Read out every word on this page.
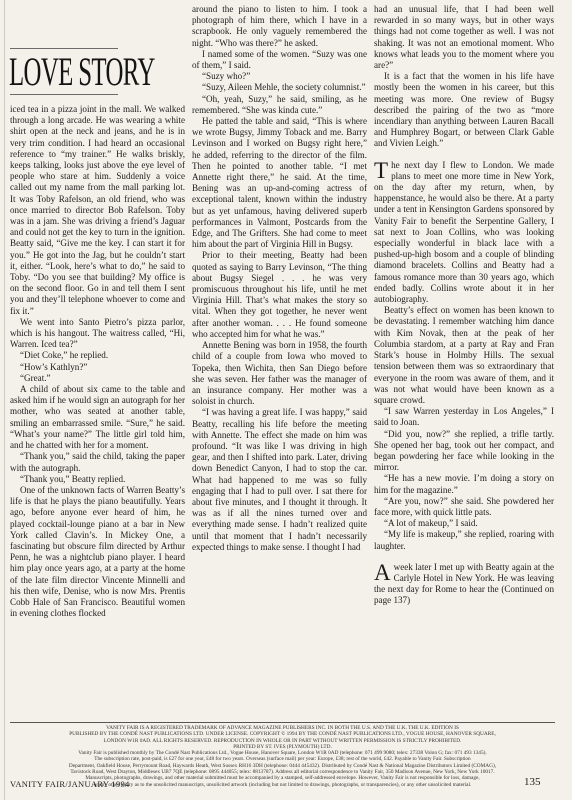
LOVE STORY

iced tea in a pizza joint in the mall. We walked through a long arcade. He was wearing a white shirt open at the neck and jeans, and he is in very trim condition. I had heard an occasional reference to “my trainer.” He walks briskly, keeps talking, looks just above the eye level of people who stare at him. Suddenly a voice called out my name from the mall parking lot. It was Toby Rafelson, an old friend, who was once married to director Bob Rafelson. Toby was in a jam. She was driving a friend’s Jaguar and could not get the key to turn in the ignition. Beatty said, “Give me the key. I can start it for you.” He got into the Jag, but he couldn’t start it, either. “Look, here’s what to do,” he said to Toby. “Do you see that building? My office is on the second floor. Go in and tell them I sent you and they’ll telephone whoever to come and fix it.”

We went into Santo Pietro’s pizza parlor, which is his hangout. The waitress called, “Hi, Warren. Iced tea?”

“Diet Coke,” he replied.

“How’s Kathlyn?”

“Great.”

A child of about six came to the table and asked him if he would sign an autograph for her mother, who was seated at another table, smiling an embarrassed smile. “Sure,” he said. “What’s your name?” The little girl told him, and he chatted with her for a moment.

“Thank you,” said the child, taking the paper with the autograph.

“Thank you,” Beatty replied.

One of the unknown facts of Warren Beatty’s life is that he plays the piano beautifully. Years ago, before anyone ever heard of him, he played cocktail-lounge piano at a bar in New York called Clavin’s. In Mickey One, a fascinating but obscure film directed by Arthur Penn, he was a nightclub piano player. I heard him play once years ago, at a party at the home of the late film director Vincente Minnelli and his then wife, Denise, who is now Mrs. Prentis Cobb Hale of San Francisco. Beautiful women in evening clothes flocked

around the piano to listen to him. I took a photograph of him there, which I have in a scrapbook. He only vaguely remembered the night. “Who was there?” he asked.

I named some of the women. “Suzy was one of them,” I said.

“Suzy who?”

“Suzy, Aileen Mehle, the society columnist.”

“Oh, yeah, Suzy,” he said, smiling, as he remembered. “She was kinda cute.”

He patted the table and said, “This is where we wrote Bugsy, Jimmy Toback and me. Barry Levinson and I worked on Bugsy right here,” he added, referring to the director of the film. Then he pointed to another table. “I met Annette right there,” he said. At the time, Bening was an up-and-coming actress of exceptional talent, known within the industry but as yet unfamous, having delivered superb performances in Valmont, Postcards from the Edge, and The Grifters. She had come to meet him about the part of Virginia Hill in Bugsy.

Prior to their meeting, Beatty had been quoted as saying to Barry Levinson, “The thing about Bugsy Siegel . . . he was very promiscuous throughout his life, until he met Virginia Hill. That’s what makes the story so vital. When they got together, he never went after another woman. . . . He found someone who accepted him for what he was.”

Annette Bening was born in 1958, the fourth child of a couple from Iowa who moved to Topeka, then Wichita, then San Diego before she was seven. Her father was the manager of an insurance company. Her mother was a soloist in church.

“I was having a great life. I was happy,” said Beatty, recalling his life before the meeting with Annette. The effect she made on him was profound. “It was like I was driving in high gear, and then I shifted into park. Later, driving down Benedict Canyon, I had to stop the car. What had happened to me was so fully engaging that I had to pull over. I sat there for about five minutes, and I thought it through. It was as if all the nines turned over and everything made sense. I hadn’t realized quite until that moment that I hadn’t necessarily expected things to make sense. I thought I had

had an unusual life, that I had been well rewarded in so many ways, but in other ways things had not come together as well. I was not shaking. It was not an emotional moment. Who knows what leads you to the moment where you are?”

It is a fact that the women in his life have mostly been the women in his career, but this meeting was more. One review of Bugsy described the pairing of the two as “more incendiary than anything between Lauren Bacall and Humphrey Bogart, or between Clark Gable and Vivien Leigh.”

The next day I flew to London. We made plans to meet one more time in New York, on the day after my return, when, by happenstance, he would also be there. At a party under a tent in Kensington Gardens sponsored by Vanity Fair to benefit the Serpentine Gallery, I sat next to Joan Collins, who was looking especially wonderful in black lace with a pushed-up-high bosom and a couple of blinding diamond bracelets. Collins and Beatty had a famous romance more than 30 years ago, which ended badly. Collins wrote about it in her autobiography.

Beatty’s effect on women has been known to be devastating. I remember watching him dance with Kim Novak, then at the peak of her Columbia stardom, at a party at Ray and Fran Stark’s house in Holmby Hills. The sexual tension between them was so extraordinary that everyone in the room was aware of them, and it was not what would have been known as a square crowd.

“I saw Warren yesterday in Los Angeles,” I said to Joan.

“Did you, now?” she replied, a trifle tartly. She opened her bag, took out her compact, and began powdering her face while looking in the mirror.

“He has a new movie. I’m doing a story on him for the magazine.”

“Are you, now?” she said. She powdered her face more, with quick little pats.

“A lot of makeup,” I said.

“My life is makeup,” she replied, roaring with laughter.

Aweek later I met up with Beatty again at the Carlyle Hotel in New York. He was leaving the next day for Rome to hear the (Continued on page 137)

VANITY FAIR IS A REGISTERED TRADEMARK OF ADVANCE MAGAZINE PUBLISHERS INC. IN BOTH THE U.S. AND THE U.K. THE U.K. EDITION IS
PUBLISHED BY THE CONDÉ NAST PUBLICATIONS LTD. UNDER LICENSE. COPYRIGHT © 1994 BY THE CONDÉ NAST PUBLICATIONS LTD., VOGUE HOUSE, HANOVER SQUARE,
LONDON W1R 0AD. ALL RIGHTS RESERVED. REPRODUCTION IN WHOLE OR IN PART WITHOUT WRITTEN PERMISSION IS STRICTLY PROHIBITED.
PRINTED BY ST. IVES (PLYMOUTH) LTD.
Vanity Fair is published monthly by The Condé Nast Publications Ltd., Vogue House, Hanover Square, London W1R 0AD (telephone: 071 499 9080; telex: 27338 Volon G; fax: 071 493 1345).
The subscription rate, post-paid, is £27 for one year, £48 for two years. Overseas (surface mail) per year: Europe, £38; rest of the world, £42. Payable to Vanity Fair. Subscription
Department, Oakfield House, Perrymount Road, Haywards Heath, West Sussex RH16 3DH (telephone: 0444 445432). Distributed by Condé Nast & National Magazine Distributors Limited (COMAG),
Tavistock Road, West Drayton, Middlesex UB7 7QE (telephone: 0895 444055; telex: 8813787). Address all editorial correspondence to Vanity Fair, 350 Madison Avenue, New York, New York 10017.
Manuscripts, photographs, drawings, and other material submitted must be accompanied by a stamped, self-addressed envelope. However, Vanity Fair is not responsible for loss, damage,
or any other injury as to the unsolicited manuscripts, unsolicited artwork (including but not limited to drawings, photographs, or transparencies), or any other unsolicited material.
VANITY FAIR/JANUARY 1994	135
